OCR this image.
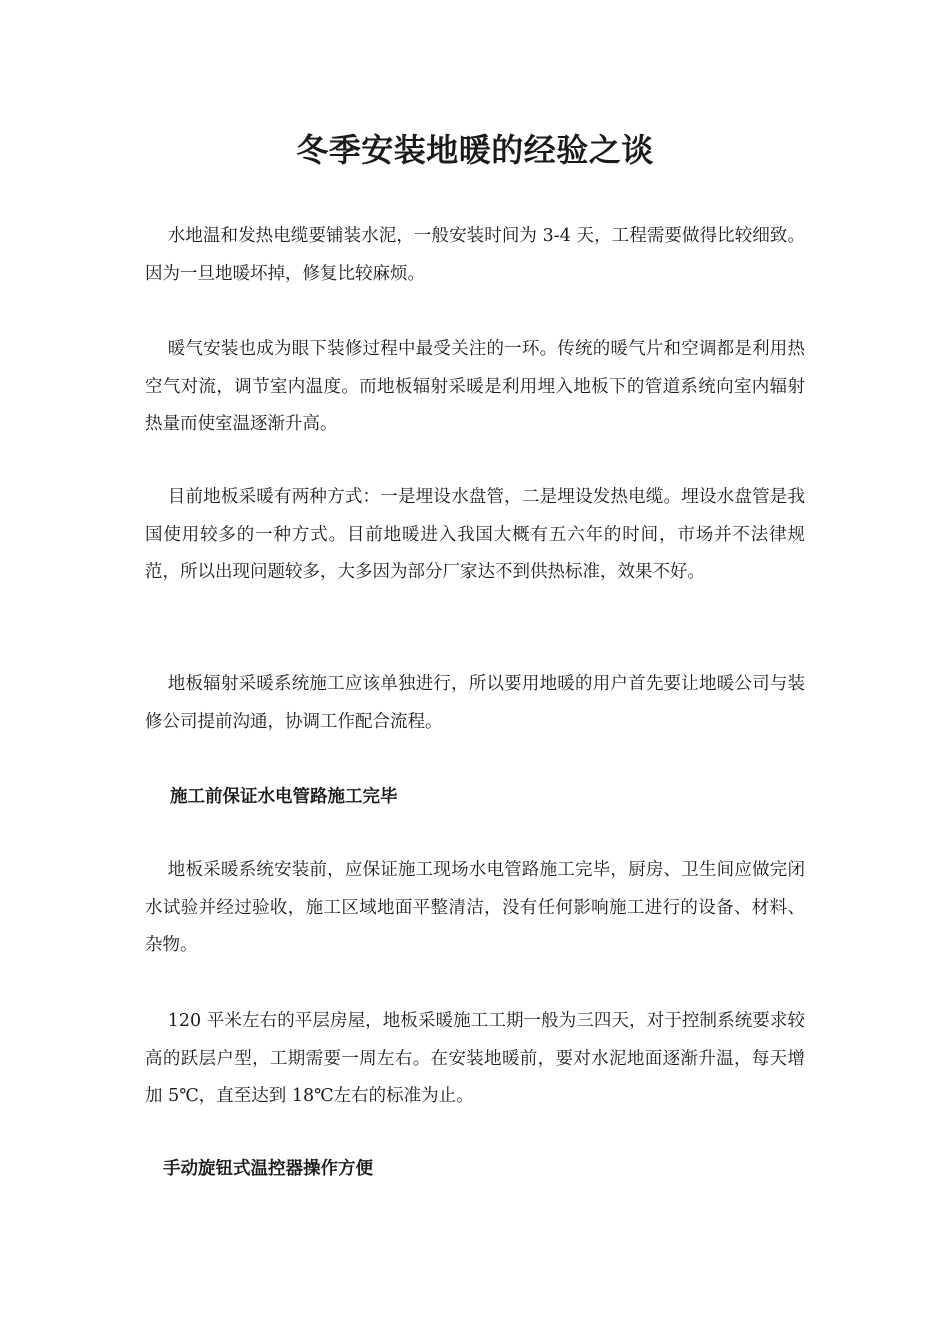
冬季安装地暖的经验之谈

水地温和发热电缆要铺装水泥，一般安装时间为 3-4 天，工程需要做得比较细致。因为一旦地暖坏掉，修复比较麻烦。

暖气安装也成为眼下装修过程中最受关注的一环。传统的暖气片和空调都是利用热空气对流，调节室内温度。而地板辐射采暖是利用埋入地板下的管道系统向室内辐射热量而使室温逐渐升高。

目前地板采暖有两种方式：一是埋设水盘管，二是埋设发热电缆。埋设水盘管是我国使用较多的一种方式。目前地暖进入我国大概有五六年的时间，市场并不法律规范，所以出现问题较多，大多因为部分厂家达不到供热标准，效果不好。

地板辐射采暖系统施工应该单独进行，所以要用地暖的用户首先要让地暖公司与装修公司提前沟通，协调工作配合流程。

施工前保证水电管路施工完毕

地板采暖系统安装前，应保证施工现场水电管路施工完毕，厨房、卫生间应做完闭水试验并经过验收，施工区域地面平整清洁，没有任何影响施工进行的设备、材料、杂物。

120 平米左右的平层房屋，地板采暖施工工期一般为三四天，对于控制系统要求较高的跃层户型，工期需要一周左右。在安装地暖前，要对水泥地面逐渐升温，每天增加 5℃，直至达到 18℃左右的标准为止。

手动旋钮式温控器操作方便
